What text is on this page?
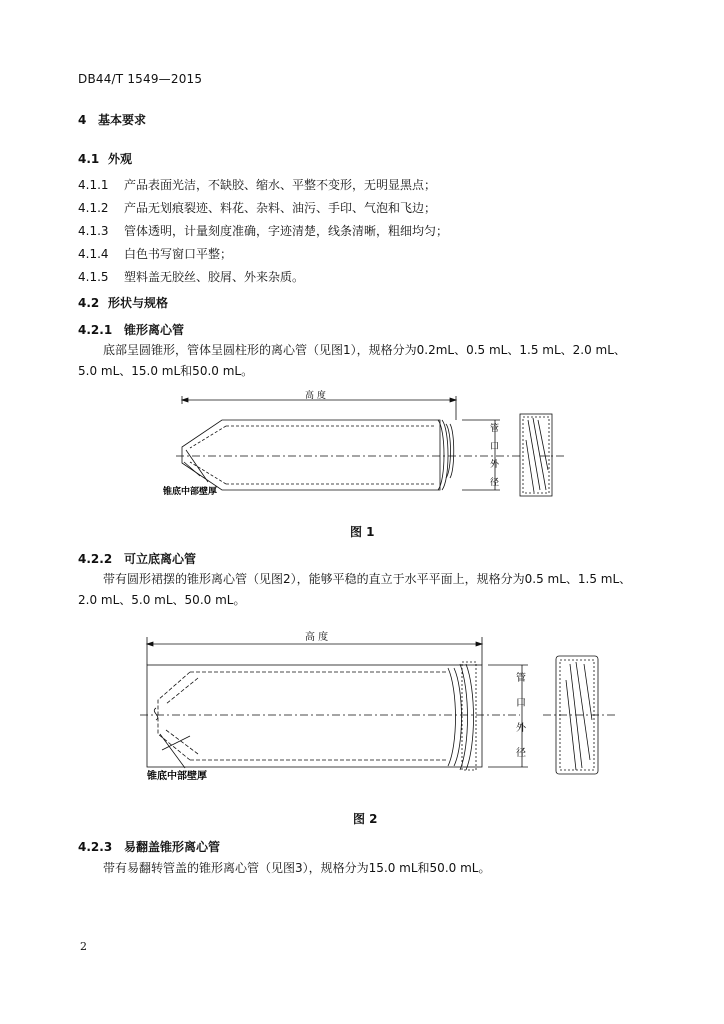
DB44/T 1549—2015
4 基本要求
4.1 外观
4.1.1 产品表面光洁，不缺胶、缩水、平整不变形，无明显黑点；
4.1.2 产品无划痕裂迹、料花、杂料、油污、手印、气泡和飞边；
4.1.3 管体透明，计量刻度准确，字迹清楚，线条清晰，粗细均匀；
4.1.4 白色书写窗口平整；
4.1.5 塑料盖无胶丝、胶屑、外来杂质。
4.2 形状与规格
4.2.1 锥形离心管
底部呈圆锥形，管体呈圆柱形的离心管（见图1），规格分为0.2mL、0.5 mL、1.5 mL、2.0 mL、
5.0 mL、15.0 mL和50.0 mL。
高 度
管
口
外
径
锥底中部壁厚
图 1
4.2.2 可立底离心管
带有圆形裙摆的锥形离心管（见图2），能够平稳的直立于水平平面上，规格分为0.5 mL、1.5 mL、
2.0 mL、5.0 mL、50.0 mL。
高 度
管
口
外
径
锥底中部壁厚
图 2
4.2.3 易翻盖锥形离心管
带有易翻转管盖的锥形离心管（见图3），规格分为15.0 mL和50.0 mL。
2
